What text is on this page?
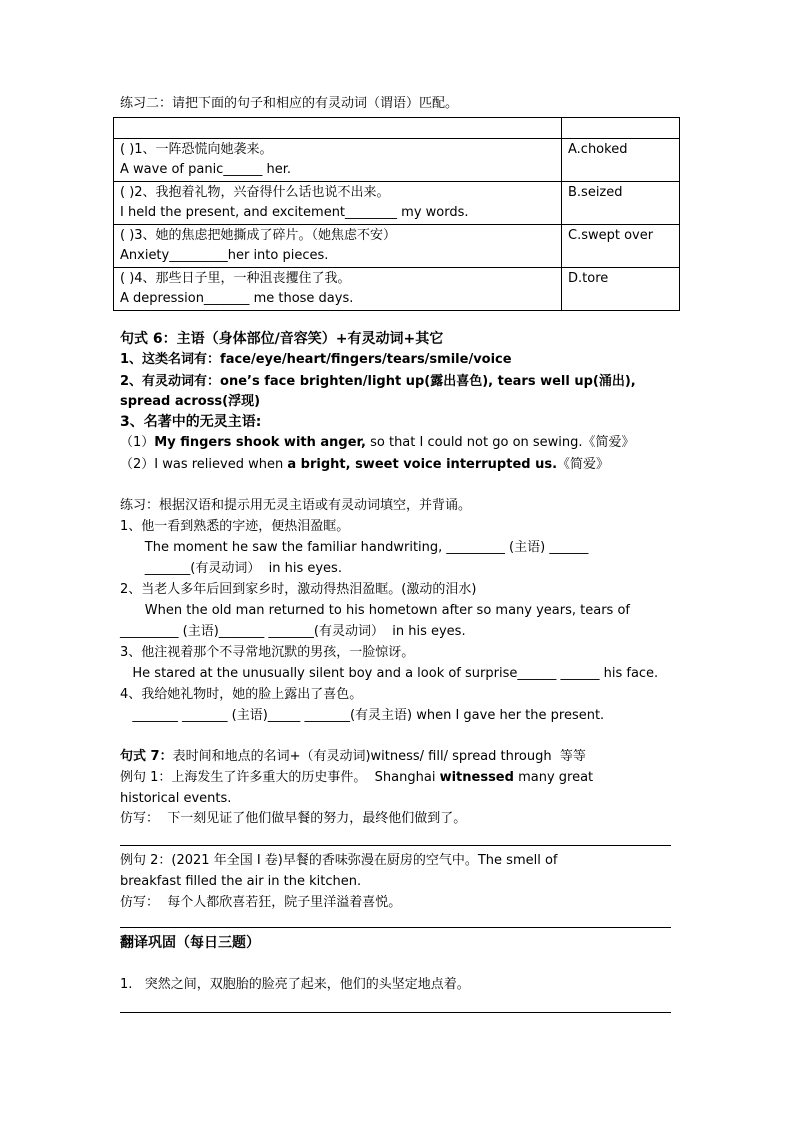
练习二：请把下面的句子和相应的有灵动词（谓语）匹配。

( )1、一阵恐慌向她袭来。
A wave of panic______ her.	A.choked

( )2、我抱着礼物，兴奋得什么话也说不出来。
I held the present, and excitement________ my words.	B.seized

( )3、她的焦虑把她撕成了碎片。（她焦虑不安）
Anxiety_________her into pieces.	C.swept over

( )4、那些日子里，一种沮丧攫住了我。
A depression_______ me those days.	D.tore
句式 6：主语（身体部位/音容笑）+有灵动词+其它
1、这类名词有：face/eye/heart/fingers/tears/smile/voice
2、有灵动词有：one’s face brighten/light up(露出喜色), tears well up(涌出),
spread across(浮现)
3、名著中的无灵主语:
（1）My fingers shook with anger, so that I could not go on sewing.《简爱》
（2）I was relieved when a bright, sweet voice interrupted us.《简爱》
练习：根据汉语和提示用无灵主语或有灵动词填空，并背诵。
1、他一看到熟悉的字迹，便热泪盈眶。
The moment he saw the familiar handwriting, _________ (主语) ______
_______(有灵动词）  in his eyes.
2、当老人多年后回到家乡时，激动得热泪盈眶。(激动的泪水)
When the old man returned to his hometown after so many years, tears of
_________ (主语)_______ _______(有灵动词）  in his eyes.
3、他注视着那个不寻常地沉默的男孩，一脸惊讶。
He stared at the unusually silent boy and a look of surprise______ ______ his face.
4、我给她礼物时，她的脸上露出了喜色。
_______ _______ (主语)_____ _______(有灵主语) when I gave her the present.
句式 7：表时间和地点的名词+（有灵动词)witness/ fill/ spread through  等等
例句 1：上海发生了许多重大的历史事件。  Shanghai witnessed many great
historical events.
仿写：  下一刻见证了他们做早餐的努力，最终他们做到了。
例句 2：(2021 年全国 I 卷)早餐的香味弥漫在厨房的空气中。The smell of
breakfast filled the air in the kitchen.
仿写：  每个人都欣喜若狂，院子里洋溢着喜悦。
翻译巩固（每日三题）
1.   突然之间，双胞胎的脸亮了起来，他们的头坚定地点着。
